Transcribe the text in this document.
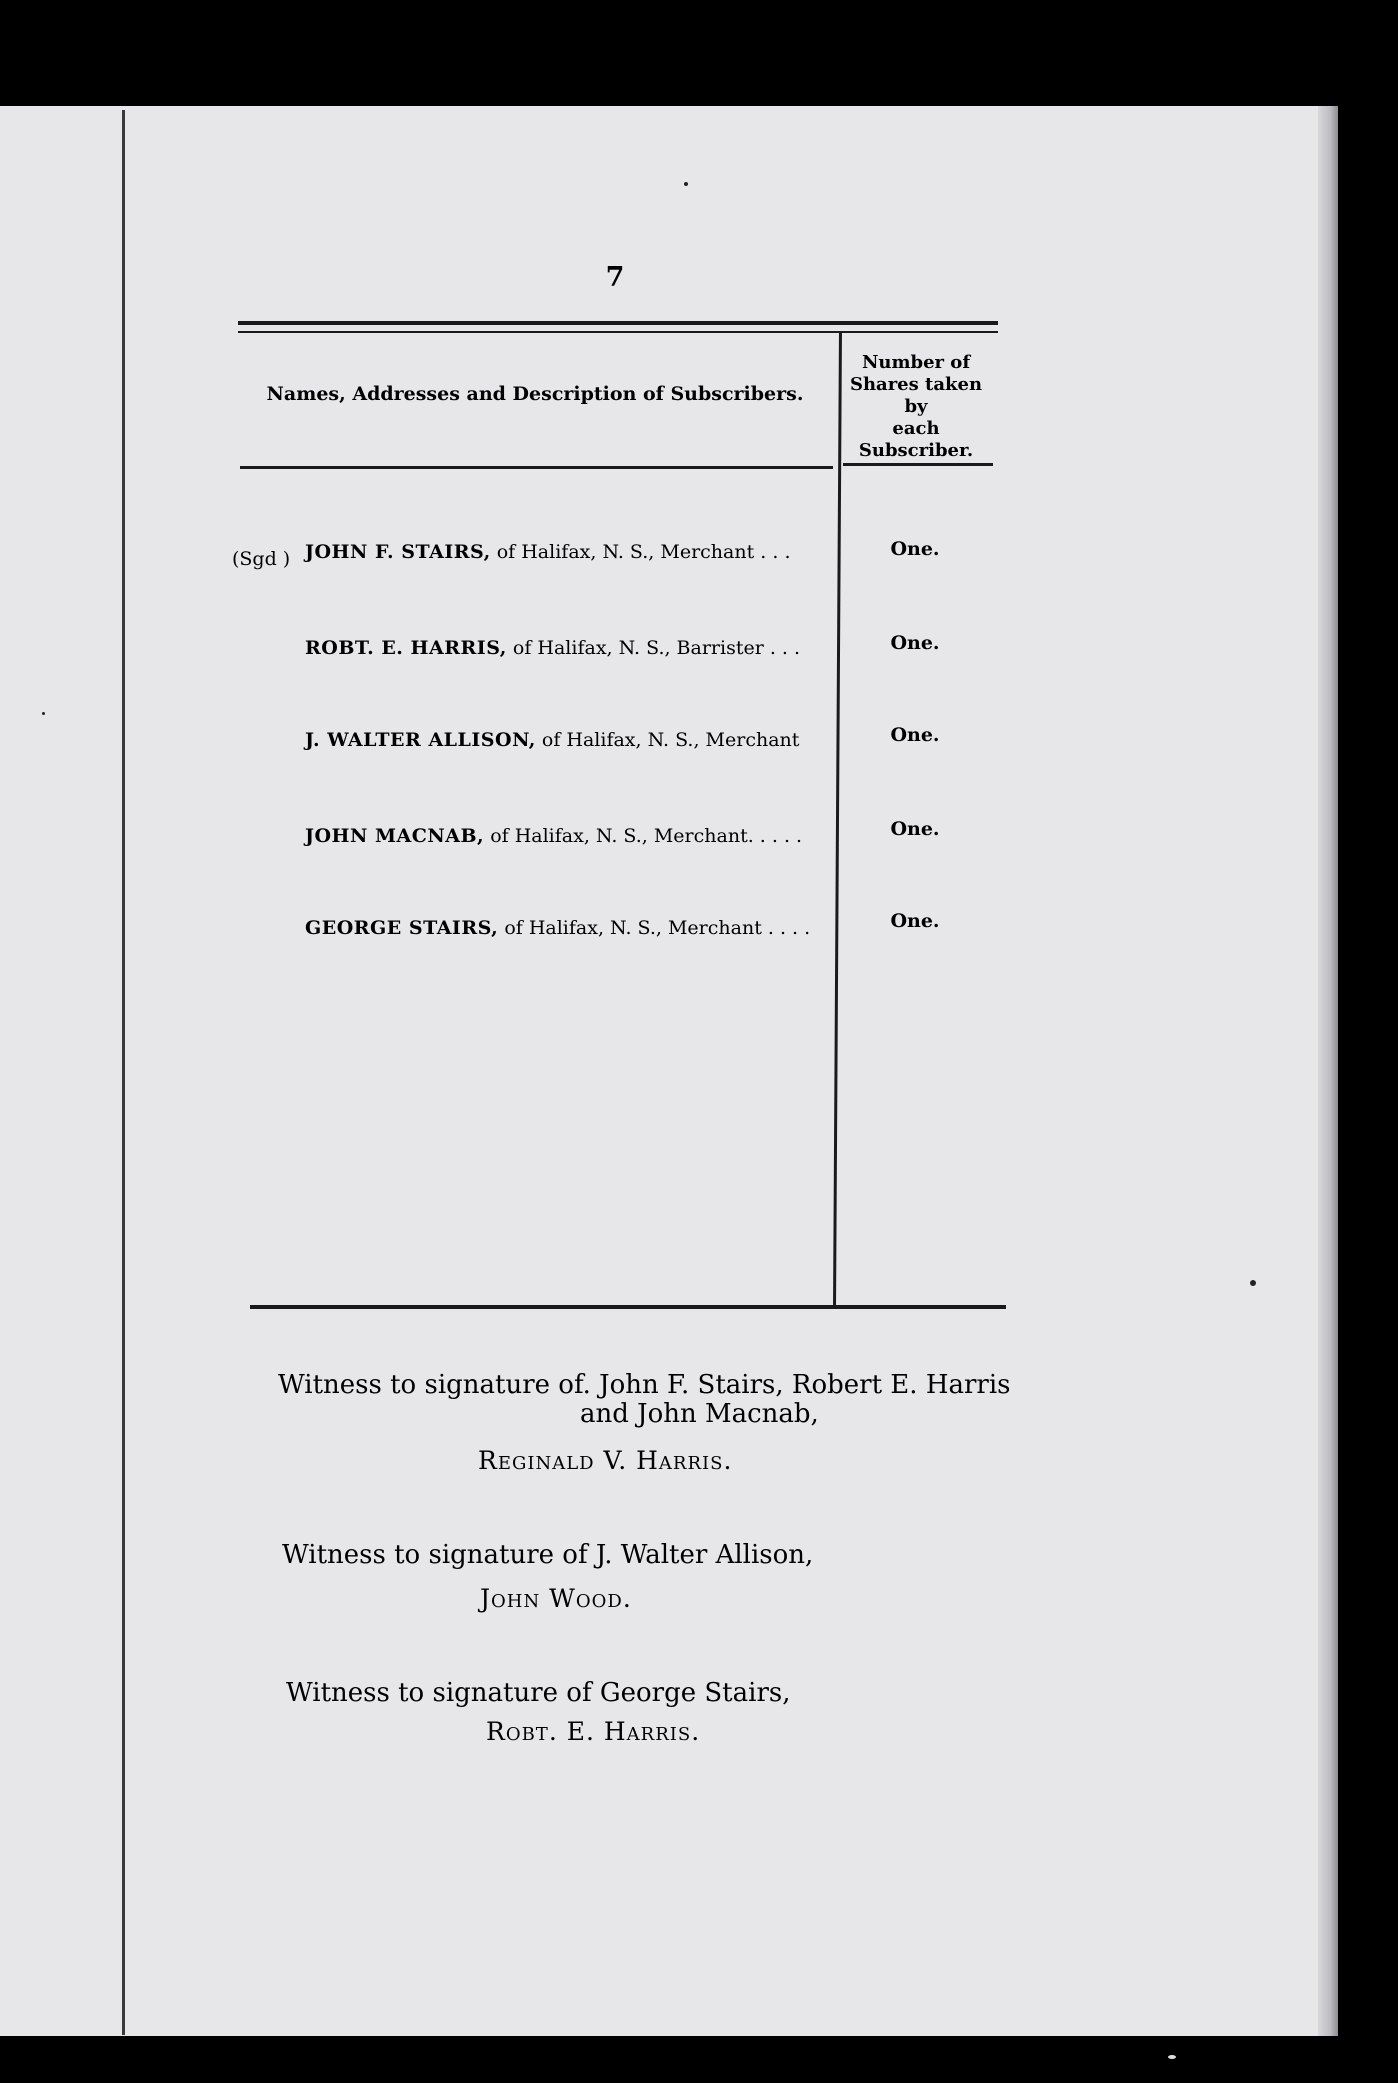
7
Names, Addresses and Description of Subscribers.
Number of
Shares taken by
each
Subscriber.
(Sgd ) JOHN F. STAIRS, of Halifax, N. S., Merchant . . .	One.
ROBT. E. HARRIS, of Halifax, N. S., Barrister . . .	One.
J. WALTER ALLISON, of Halifax, N. S., Merchant	One.
JOHN MACNAB, of Halifax, N. S., Merchant. . . . .	One.
GEORGE STAIRS, of Halifax, N. S., Merchant . . . .	One.
Witness to signature of. John F. Stairs, Robert E. Harris
and John Macnab,
Reginald V. Harris.
Witness to signature of J. Walter Allison,
John Wood.
Witness to signature of George Stairs,
Robt. E. Harris.
